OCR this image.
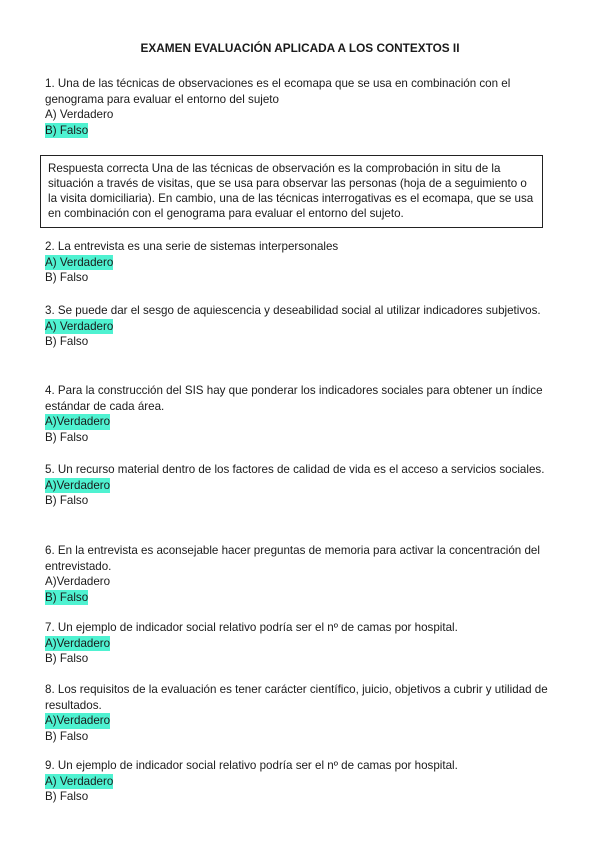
EXAMEN EVALUACIÓN APLICADA A LOS CONTEXTOS II
1. Una de las técnicas de observaciones es el ecomapa que se usa en combinación con el genograma para evaluar el entorno del sujeto
A) Verdadero
B) Falso
Respuesta correcta Una de las técnicas de observación es la comprobación in situ de la situación a través de visitas, que se usa para observar las personas (hoja de a seguimiento o la visita domiciliaria). En cambio, una de las técnicas interrogativas es el ecomapa, que se usa en combinación con el genograma para evaluar el entorno del sujeto.
2. La entrevista es una serie de sistemas interpersonales
A) Verdadero
B) Falso
3. Se puede dar el sesgo de aquiescencia y deseabilidad social al utilizar indicadores subjetivos.
A) Verdadero
B) Falso
4. Para la construcción del SIS hay que ponderar los indicadores sociales para obtener un índice estándar de cada área.
A)Verdadero
B) Falso
5. Un recurso material dentro de los factores de calidad de vida es el acceso a servicios sociales.
A)Verdadero
B) Falso
6. En la entrevista es aconsejable hacer preguntas de memoria para activar la concentración del entrevistado.
A)Verdadero
B) Falso
7. Un ejemplo de indicador social relativo podría ser el nº de camas por hospital.
A)Verdadero
B) Falso
8. Los requisitos de la evaluación es tener carácter científico, juicio, objetivos a cubrir y utilidad de resultados.
A)Verdadero
B) Falso
9. Un ejemplo de indicador social relativo podría ser el nº de camas por hospital.
A) Verdadero
B) Falso
